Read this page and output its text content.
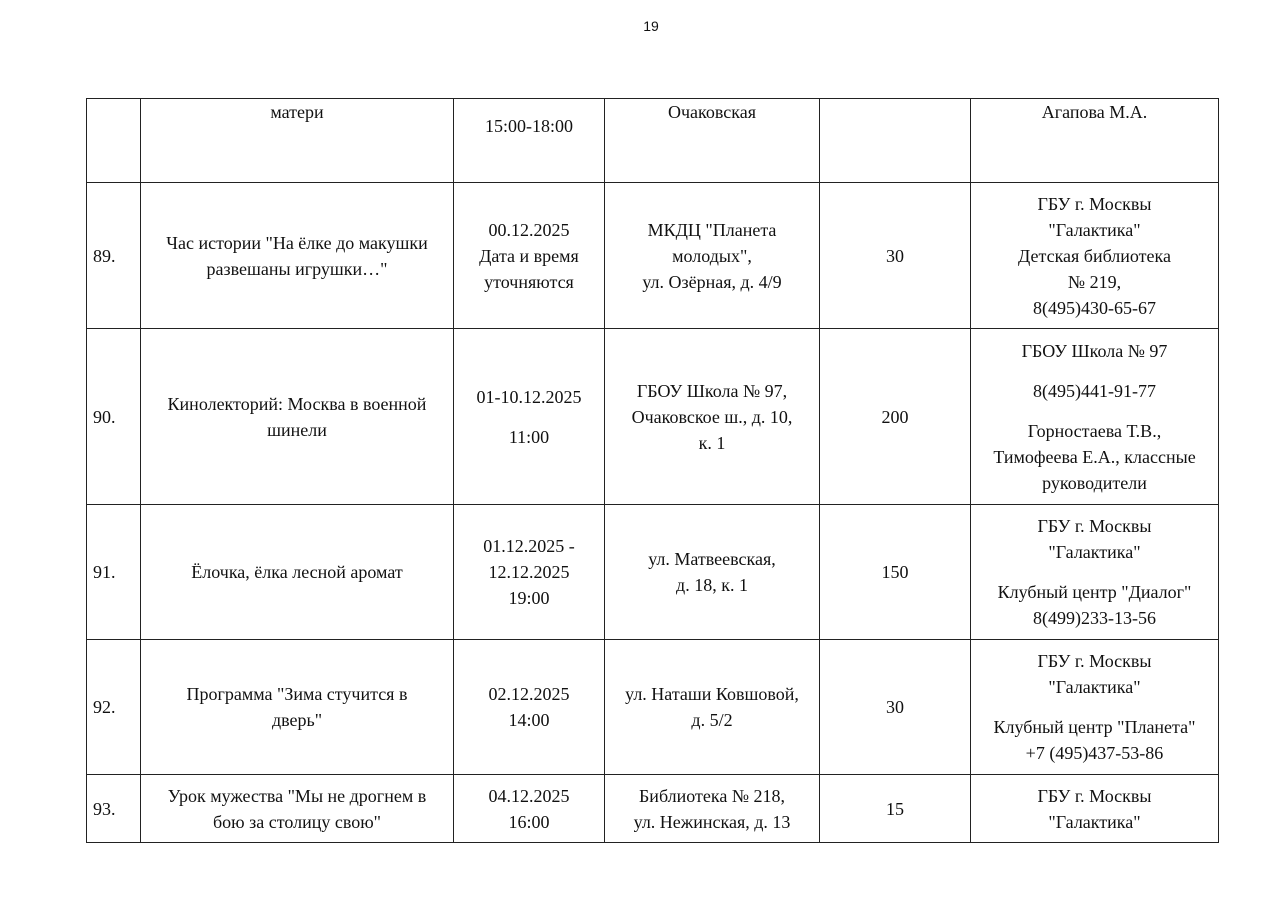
19

	матери	15:00-18:00	Очаковская		Агапова М.А.

89.	Час истории "На ёлке до макушки
развешаны игрушки…"	00.12.2025
Дата и время
уточняются	МКДЦ "Планета
молодых",
ул. Озёрная, д. 4/9	30	ГБУ г. Москвы
"Галактика"
Детская библиотека
№ 219,
8(495)430-65-67

90.	Кинолекторий: Москва в военной
шинели	01-10.12.2025
11:00	ГБОУ Школа № 97,
Очаковское ш., д. 10,
к. 1	200	ГБОУ Школа № 97
8(495)441-91-77
Горностаева Т.В.,
Тимофеева Е.А., классные
руководители

91.	Ёлочка, ёлка лесной аромат	01.12.2025 -
12.12.2025
19:00	ул. Матвеевская,
д. 18, к. 1	150	ГБУ г. Москвы
"Галактика"
Клубный центр "Диалог"
8(499)233-13-56

92.	Программа "Зима стучится в
дверь"	02.12.2025
14:00	ул. Наташи Ковшовой,
д. 5/2	30	ГБУ г. Москвы
"Галактика"
Клубный центр "Планета"
+7 (495)437-53-86

93.	Урок мужества "Мы не дрогнем в
бою за столицу свою"	04.12.2025
16:00	Библиотека № 218,
ул. Нежинская, д. 13	15	ГБУ г. Москвы
"Галактика"
